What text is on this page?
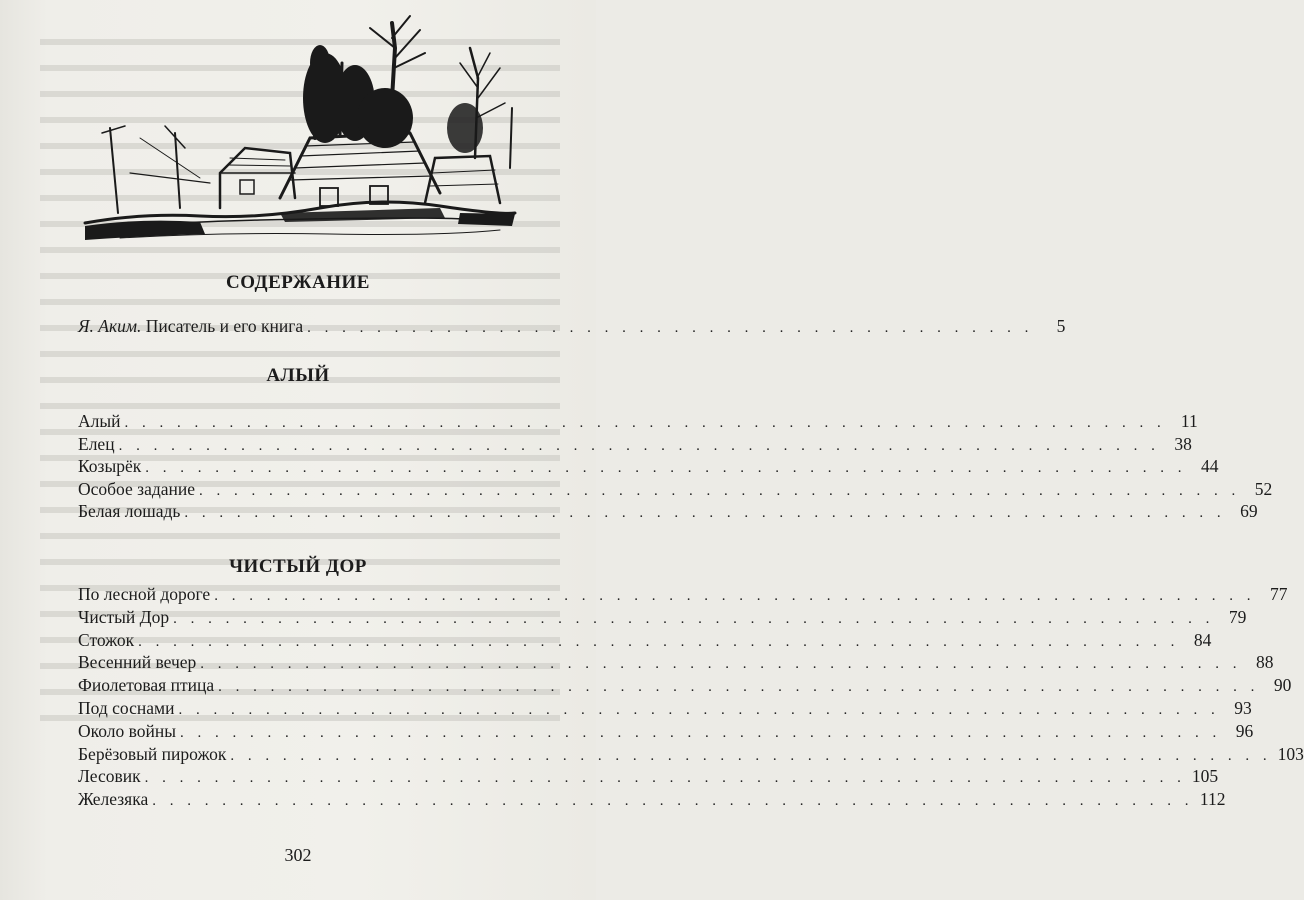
СОДЕРЖАНИЕ
Я. Аким. Писатель и его книга . . . . . . . . . . . . . . . . . . . . . . . . . . . . . . . . . . . . . . . . . .	5
АЛЫЙ
Алый . . . . . . . . . . . . . . . . . . . . . . . . . . . . . . . . . . . . . . . . . . . . . . . . . . . . . . . . . . . . 11
Елец . . . . . . . . . . . . . . . . . . . . . . . . . . . . . . . . . . . . . . . . . . . . . . . . . . . . . . . . . . . . 38
Козырёк . . . . . . . . . . . . . . . . . . . . . . . . . . . . . . . . . . . . . . . . . . . . . . . . . . . . . . . . . . . . 44
Особое задание . . . . . . . . . . . . . . . . . . . . . . . . . . . . . . . . . . . . . . . . . . . . . . . . . . . . . . . . . . . . 52
Белая лошадь . . . . . . . . . . . . . . . . . . . . . . . . . . . . . . . . . . . . . . . . . . . . . . . . . . . . . . . . . . . . 69
ЧИСТЫЙ ДОР
По лесной дороге . . . . . . . . . . . . . . . . . . . . . . . . . . . . . . . . . . . . . . . . . . . . . . . . . . . . . . . . . . . . 77
Чистый Дор . . . . . . . . . . . . . . . . . . . . . . . . . . . . . . . . . . . . . . . . . . . . . . . . . . . . . . . . . . . . 79
Стожок . . . . . . . . . . . . . . . . . . . . . . . . . . . . . . . . . . . . . . . . . . . . . . . . . . . . . . . . . . . . 84
Весенний вечер . . . . . . . . . . . . . . . . . . . . . . . . . . . . . . . . . . . . . . . . . . . . . . . . . . . . . . . . . . . . 88
Фиолетовая птица . . . . . . . . . . . . . . . . . . . . . . . . . . . . . . . . . . . . . . . . . . . . . . . . . . . . . . . . . . . . 90
Под соснами . . . . . . . . . . . . . . . . . . . . . . . . . . . . . . . . . . . . . . . . . . . . . . . . . . . . . . . . . . . . 93
Около войны . . . . . . . . . . . . . . . . . . . . . . . . . . . . . . . . . . . . . . . . . . . . . . . . . . . . . . . . . . . . 96
Берёзовый пирожок . . . . . . . . . . . . . . . . . . . . . . . . . . . . . . . . . . . . . . . . . . . . . . . . . . . . . . . . . . . . 103
Лесовик . . . . . . . . . . . . . . . . . . . . . . . . . . . . . . . . . . . . . . . . . . . . . . . . . . . . . . . . . . . . 105
Железяка . . . . . . . . . . . . . . . . . . . . . . . . . . . . . . . . . . . . . . . . . . . . . . . . . . . . . . . . . . . . 112
302
